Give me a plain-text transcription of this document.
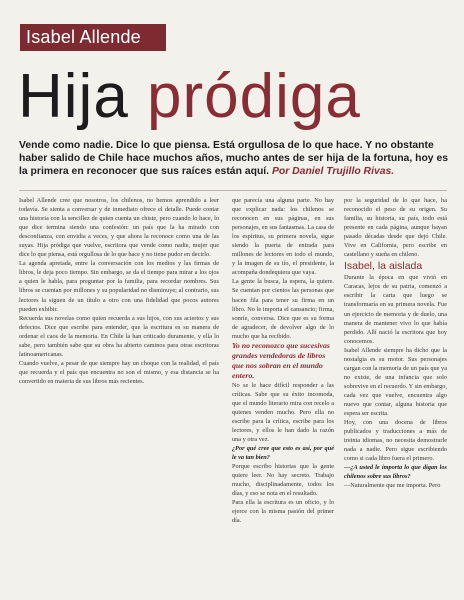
Isabel Allende
Hija pródiga
Vende como nadie. Dice lo que piensa. Está orgullosa de lo que hace. Y no obstante haber salido de Chile hace muchos años, mucho antes de ser hija de la fortuna, hoy es la primera en reconocer que sus raíces están aquí. Por Daniel Trujillo Rivas.

Isabel Allende cree que nosotros, los chilenos, no hemos aprendido a leer todavía. Se sienta a conversar y de inmediato ofrece el detalle. Puede contar una historia con la sencillez de quien cuenta un chiste, pero cuando lo hace, lo que dice termina siendo una confesión: un país que la ha mirado con desconfianza, con envidia a veces, y que ahora la reconoce como una de las suyas. Hija pródiga que vuelve, escritora que vende como nadie, mujer que dice lo que piensa, está orgullosa de lo que hace y no tiene pudor en decirlo.

La agenda apretada, entre la conversación con los medios y las firmas de libros, le deja poco tiempo. Sin embargo, se da el tiempo para mirar a los ojos a quien le habla, para preguntar por la familia, para recordar nombres. Sus libros se cuentan por millones y su popularidad no disminuye; al contrario, sus lectores la siguen de un título a otro con una fidelidad que pocos autores pueden exhibir.

Recuerda sus novelas como quien recuerda a sus hijos, con sus aciertos y sus defectos. Dice que escribe para entender, que la escritura es su manera de ordenar el caos de la memoria. En Chile la han criticado duramente, y ella lo sabe, pero también sabe que su obra ha abierto caminos para otras escritoras latinoamericanas.

Cuando vuelve, a pesar de que siempre hay un choque con la realidad, el país que recuerda y el país que encuentra no son el mismo, y esa distancia se ha convertido en materia de sus libros más recientes.

que parecía una alguna parte. No hay que explicar nada: los chilenos se reconocen en sus páginas, en sus personajes, en sus fantasmas. La casa de los espíritus, su primera novela, sigue siendo la puerta de entrada para millones de lectores en todo el mundo, y la imagen de su tío, el presidente, la acompaña dondequiera que vaya.

La gente la busca, la espera, la quiere. Se cuentan por cientos las personas que hacen fila para tener su firma en un libro. No le importa el cansancio; firma, sonríe, conversa. Dice que es su forma de agradecer, de devolver algo de lo mucho que ha recibido.

Yo no reconozco que sucesivas grandes vendedoras de libros que nos sobran en el mundo entero.

No se le hace difícil responder a las críticas. Sabe que su éxito incomoda, que el mundo literario mira con recelo a quienes venden mucho. Pero ella no escribe para la crítica, escribe para los lectores, y ellos le han dado la razón una y otra vez.

¿Por qué cree que esto es así, por qué le va tan bien?

Porque escribo historias que la gente quiere leer. No hay secreto. Trabajo mucho, disciplinadamente, todos los días, y eso se nota en el resultado.

Para ella la escritura es un oficio, y lo ejerce con la misma pasión del primer día.

por la seguridad de lo que hace, ha reconocido el peso de su origen. Su familia, su historia, su país, todo está presente en cada página, aunque hayan pasado décadas desde que dejó Chile. Vive en California, pero escribe en castellano y sueña en chileno.

Isabel, la aislada

Durante la época en que vivió en Caracas, lejos de su patria, comenzó a escribir la carta que luego se transformaría en su primera novela. Fue un ejercicio de memoria y de duelo, una manera de mantener vivo lo que había perdido. Allí nació la escritora que hoy conocemos.

Isabel Allende siempre ha dicho que la nostalgia es su motor. Sus personajes cargan con la memoria de un país que ya no existe, de una infancia que solo sobrevive en el recuerdo. Y sin embargo, cada vez que vuelve, encuentra algo nuevo que contar, alguna historia que espera ser escrita.

Hoy, con una docena de libros publicados y traducciones a más de treinta idiomas, no necesita demostrarle nada a nadie. Pero sigue escribiendo como si cada libro fuera el primero.

—¿A usted le importa lo que digan los chilenos sobre sus libros?

—Naturalmente que me importa. Pero
